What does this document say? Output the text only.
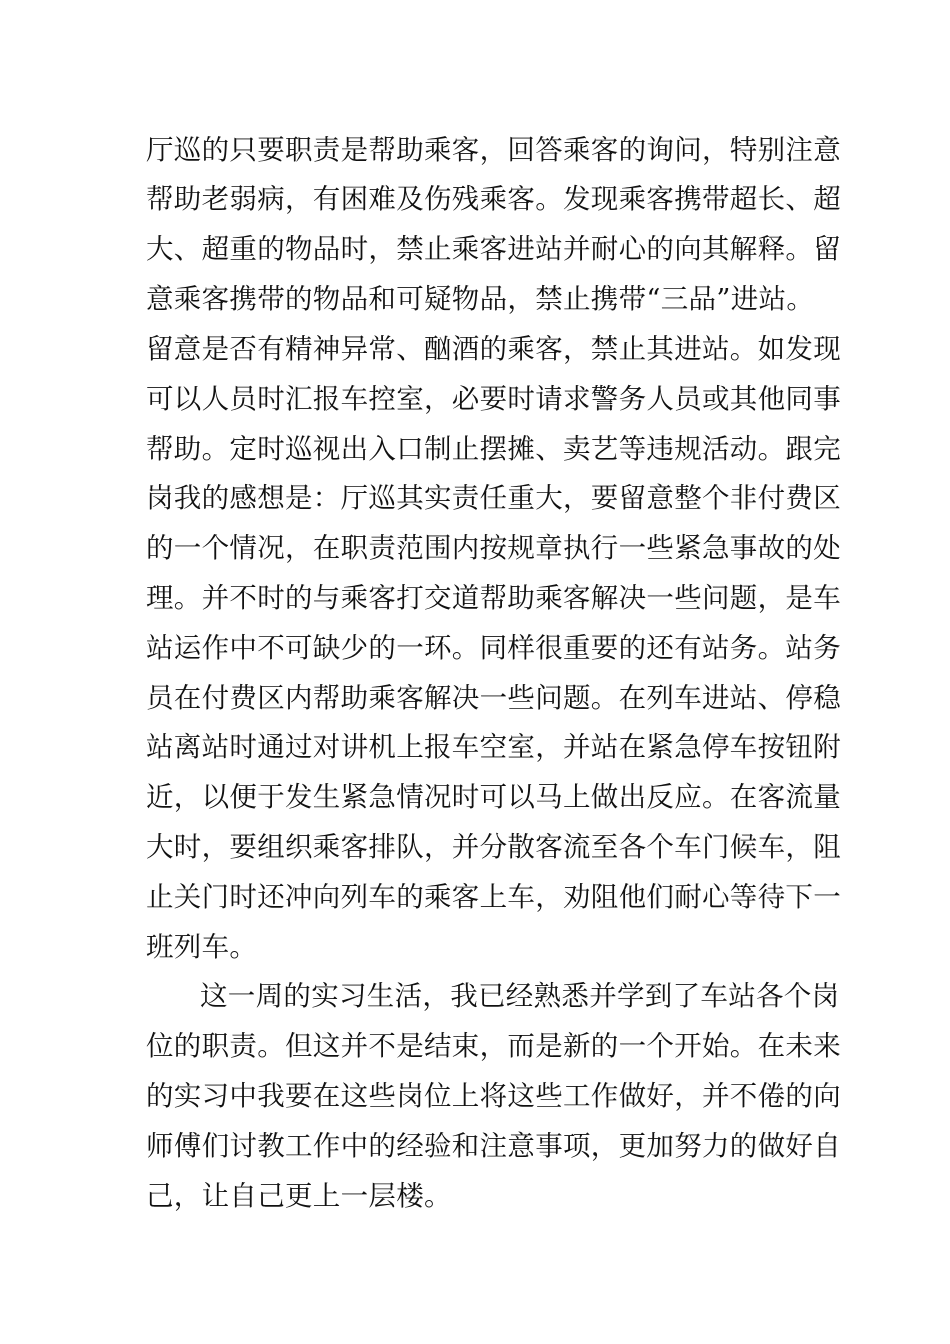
厅巡的只要职责是帮助乘客，回答乘客的询问，特别注意
帮助老弱病，有困难及伤残乘客。发现乘客携带超长、超
大、超重的物品时，禁止乘客进站并耐心的向其解释。留
意乘客携带的物品和可疑物品，禁止携带“三品”进站。
留意是否有精神异常、酗酒的乘客，禁止其进站。如发现
可以人员时汇报车控室，必要时请求警务人员或其他同事
帮助。定时巡视出入口制止摆摊、卖艺等违规活动。跟完
岗我的感想是：厅巡其实责任重大，要留意整个非付费区
的一个情况，在职责范围内按规章执行一些紧急事故的处
理。并不时的与乘客打交道帮助乘客解决一些问题，是车
站运作中不可缺少的一环。同样很重要的还有站务。站务
员在付费区内帮助乘客解决一些问题。在列车进站、停稳
站离站时通过对讲机上报车空室，并站在紧急停车按钮附
近，以便于发生紧急情况时可以马上做出反应。在客流量
大时，要组织乘客排队，并分散客流至各个车门候车，阻
止关门时还冲向列车的乘客上车，劝阻他们耐心等待下一
班列车。
这一周的实习生活，我已经熟悉并学到了车站各个岗
位的职责。但这并不是结束，而是新的一个开始。在未来
的实习中我要在这些岗位上将这些工作做好，并不倦的向
师傅们讨教工作中的经验和注意事项，更加努力的做好自
己，让自己更上一层楼。
